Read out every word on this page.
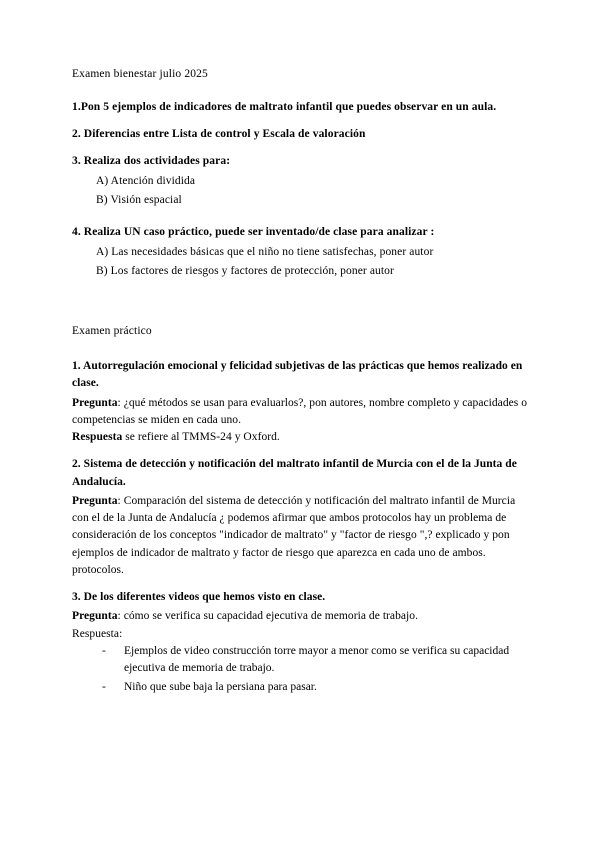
Examen bienestar julio 2025

1.Pon 5 ejemplos de indicadores de maltrato infantil que puedes observar en un aula.

2. Diferencias entre Lista de control y Escala de valoración

3. Realiza dos actividades para:

A) Atención dividida

B) Visión espacial

4. Realiza UN caso práctico, puede ser inventado/de clase para analizar :

A) Las necesidades básicas que el niño no tiene satisfechas, poner autor

B) Los factores de riesgos y factores de protección, poner autor

Examen práctico

1. Autorregulación emocional y felicidad subjetivas de las prácticas que hemos realizado en clase.

Pregunta: ¿qué métodos se usan para evaluarlos?, pon autores, nombre completo y capacidades o competencias se miden en cada uno.

Respuesta se refiere al TMMS-24 y Oxford.

2. Sistema de detección y notificación del maltrato infantil de Murcia con el de la Junta de Andalucía.

Pregunta: Comparación del sistema de detección y notificación del maltrato infantil de Murcia con el de la Junta de Andalucía ¿ podemos afirmar que ambos protocolos hay un problema de consideración de los conceptos "indicador de maltrato" y "factor de riesgo ",? explicado y pon ejemplos de indicador de maltrato y factor de riesgo que aparezca en cada uno de ambos. protocolos.

3. De los diferentes videos que hemos visto en clase.

Pregunta: cómo se verifica su capacidad ejecutiva de memoria de trabajo.

Respuesta:

-	Ejemplos de video construcción torre mayor a menor como se verifica su capacidad ejecutiva de memoria de trabajo.
-	Niño que sube baja la persiana para pasar.
